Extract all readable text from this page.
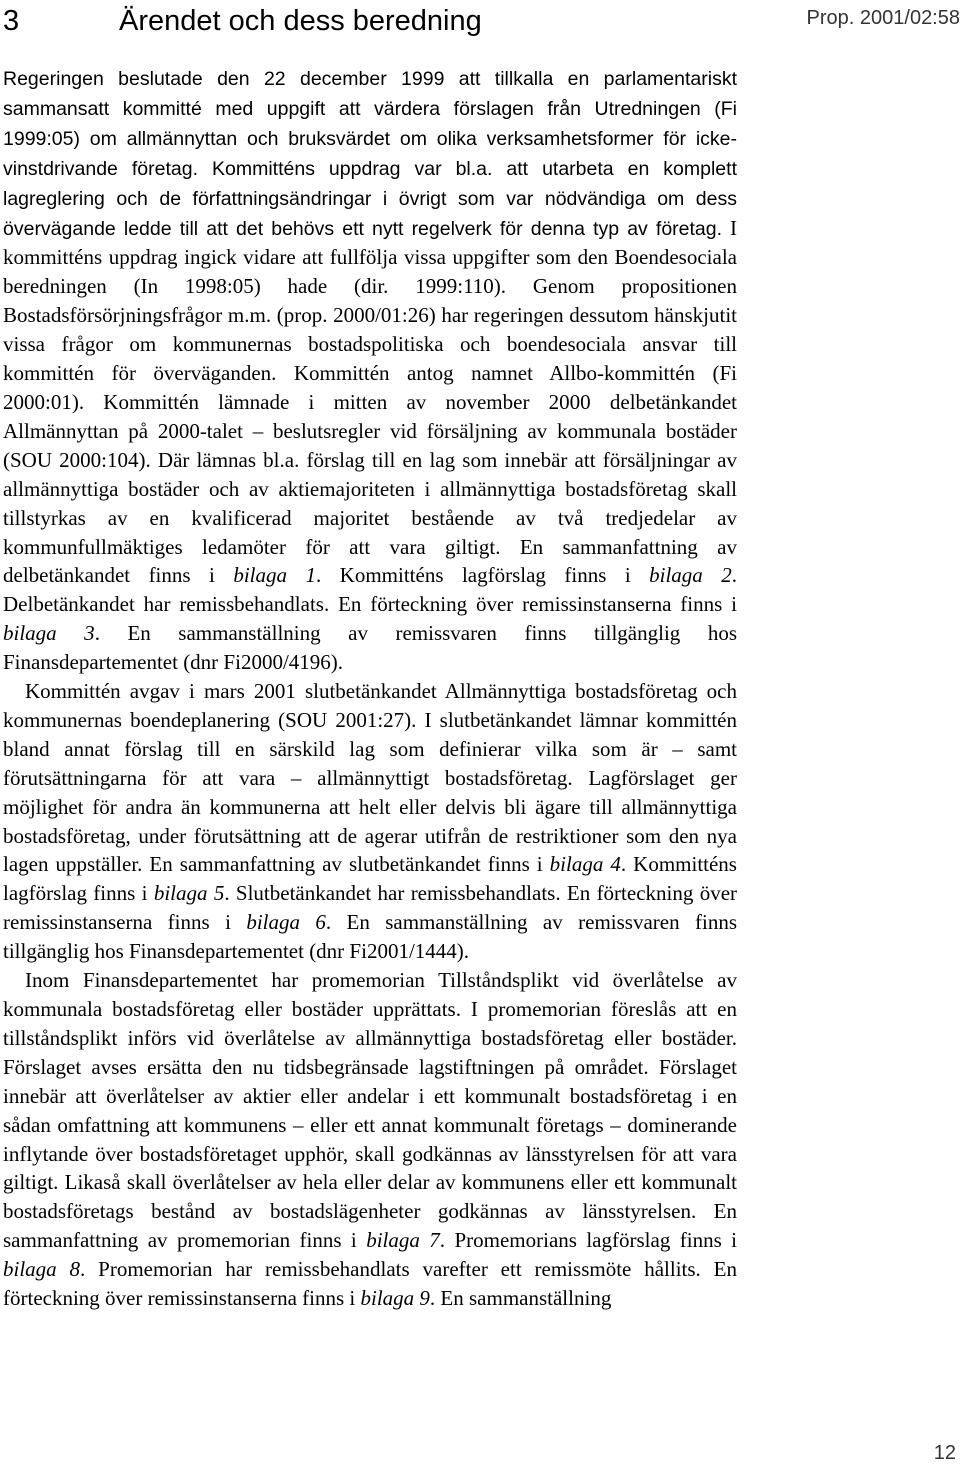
3	Ärendet och dess beredning	Prop. 2001/02:58

Regeringen beslutade den 22 december 1999 att tillkalla en parlamentariskt sammansatt kommitté med uppgift att värdera förslagen från Utredningen (Fi 1999:05) om allmännyttan och bruksvärdet om olika verksamhetsformer för icke-vinstdrivande företag. Kommitténs uppdrag var bl.a. att utarbeta en komplett lagreglering och de författningsändringar i övrigt som var nödvändiga om dess övervägande ledde till att det behövs ett nytt regelverk för denna typ av företag. I kommitténs uppdrag ingick vidare att fullfölja vissa uppgifter som den Boendesociala beredningen (In 1998:05) hade (dir. 1999:110). Genom propositionen Bostadsförsörjningsfrågor m.m. (prop. 2000/01:26) har regeringen dessutom hänskjutit vissa frågor om kommunernas bostadspolitiska och boendesociala ansvar till kommittén för överväganden. Kommittén antog namnet Allbo-kommittén (Fi 2000:01). Kommittén lämnade i mitten av november 2000 delbetänkandet Allmännyttan på 2000-talet – beslutsregler vid försäljning av kommunala bostäder (SOU 2000:104). Där lämnas bl.a. förslag till en lag som innebär att försäljningar av allmännyttiga bostäder och av aktiemajoriteten i allmännyttiga bostadsföretag skall tillstyrkas av en kvalificerad majoritet bestående av två tredjedelar av kommunfullmäktiges ledamöter för att vara giltigt. En sammanfattning av delbetänkandet finns i bilaga 1. Kommitténs lagförslag finns i bilaga 2. Delbetänkandet har remissbehandlats. En förteckning över remissinstanserna finns i bilaga 3. En sammanställning av remissvaren finns tillgänglig hos Finansdepartementet (dnr Fi2000/4196).

Kommittén avgav i mars 2001 slutbetänkandet Allmännyttiga bostadsföretag och kommunernas boendeplanering (SOU 2001:27). I slutbetänkandet lämnar kommittén bland annat förslag till en särskild lag som definierar vilka som är – samt förutsättningarna för att vara – allmännyttigt bostadsföretag. Lagförslaget ger möjlighet för andra än kommunerna att helt eller delvis bli ägare till allmännyttiga bostadsföretag, under förutsättning att de agerar utifrån de restriktioner som den nya lagen uppställer. En sammanfattning av slutbetänkandet finns i bilaga 4. Kommitténs lagförslag finns i bilaga 5. Slutbetänkandet har remissbehandlats. En förteckning över remissinstanserna finns i bilaga 6. En sammanställning av remissvaren finns tillgänglig hos Finansdepartementet (dnr Fi2001/1444).

Inom Finansdepartementet har promemorian Tillståndsplikt vid överlåtelse av kommunala bostadsföretag eller bostäder upprättats. I promemorian föreslås att en tillståndsplikt införs vid överlåtelse av allmännyttiga bostadsföretag eller bostäder. Förslaget avses ersätta den nu tidsbegränsade lagstiftningen på området. Förslaget innebär att överlåtelser av aktier eller andelar i ett kommunalt bostadsföretag i en sådan omfattning att kommunens – eller ett annat kommunalt företags – dominerande inflytande över bostadsföretaget upphör, skall godkännas av länsstyrelsen för att vara giltigt. Likaså skall överlåtelser av hela eller delar av kommunens eller ett kommunalt bostadsföretags bestånd av bostadslägenheter godkännas av länsstyrelsen. En sammanfattning av promemorian finns i bilaga 7. Promemorians lagförslag finns i bilaga 8. Promemorian har remissbehandlats varefter ett remissmöte hållits. En förteckning över remissinstanserna finns i bilaga 9. En sammanställning

12
